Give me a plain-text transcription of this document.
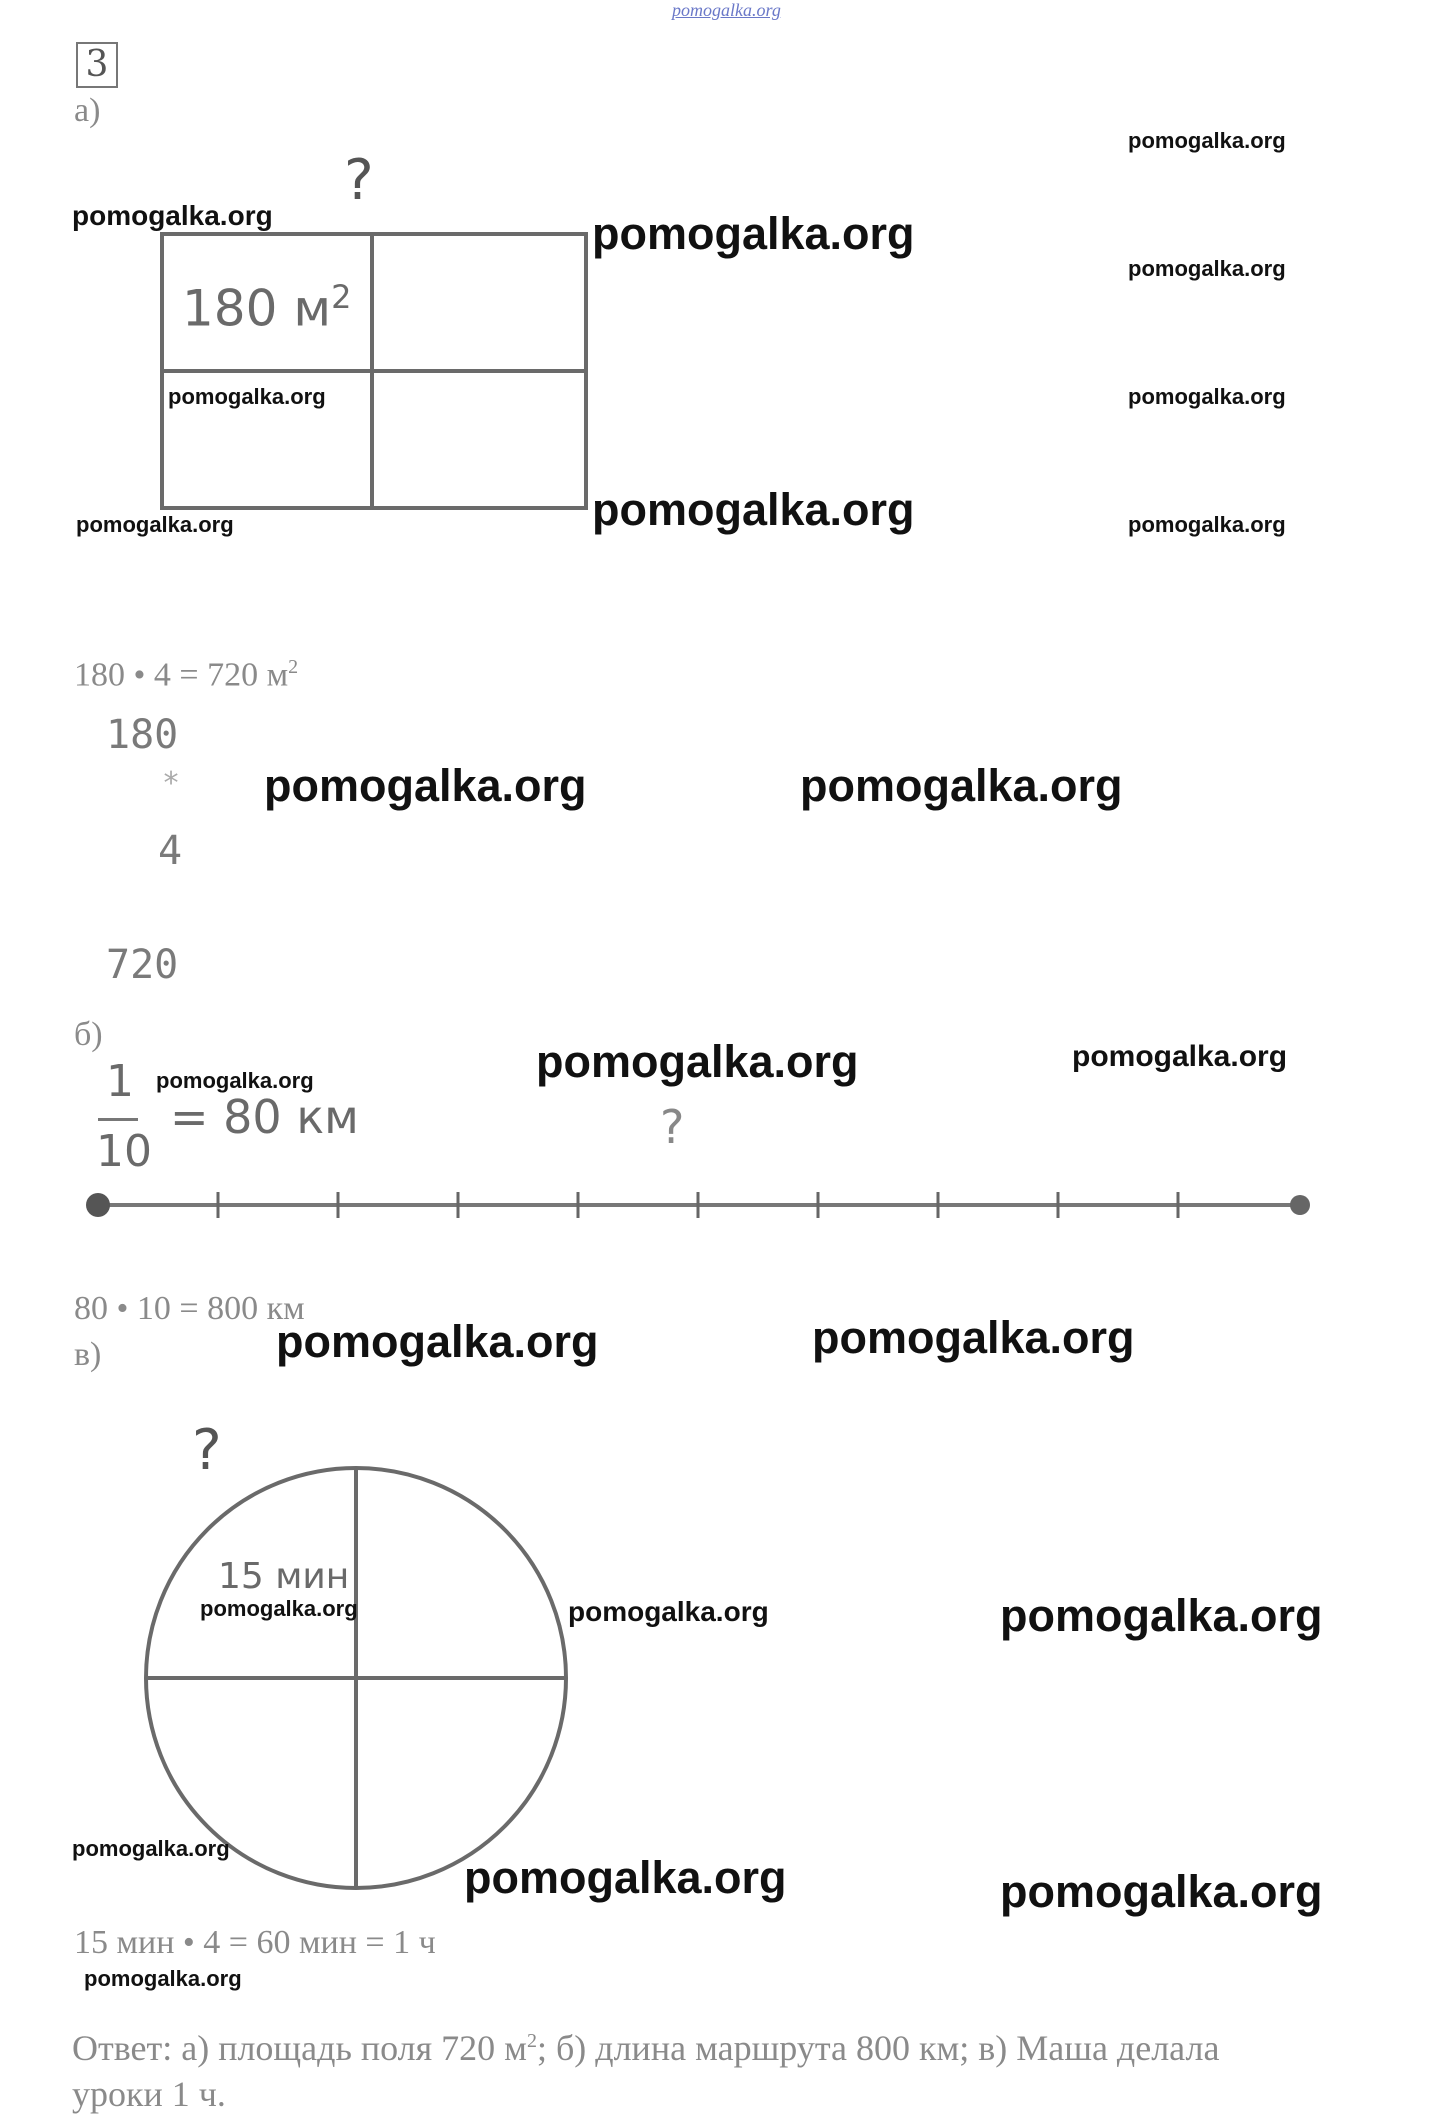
pomogalka.org
3
а)
?
180 $м^2$
180 • 4 = 720 $м^2$
180
*
4
720
б)
1
10
= 80 км	?
80 • 10 = 800 км
в)
?
15 мин
15 мин • 4 = 60 мин = 1 ч
Ответ: а) площадь поля 720 $м^2$; б) длина маршрута 800 км; в) Маша делала
уроки 1 ч.
pomogalka.org
pomogalka.org	pomogalka.org
pomogalka.org
pomogalka.org	pomogalka.org
pomogalka.org	pomogalka.org	pomogalka.org
pomogalka.org	pomogalka.org
pomogalka.org	pomogalka.org	pomogalka.org
pomogalka.org	pomogalka.org
pomogalka.org	pomogalka.org	pomogalka.org
pomogalka.org
pomogalka.org	pomogalka.org
pomogalka.org
